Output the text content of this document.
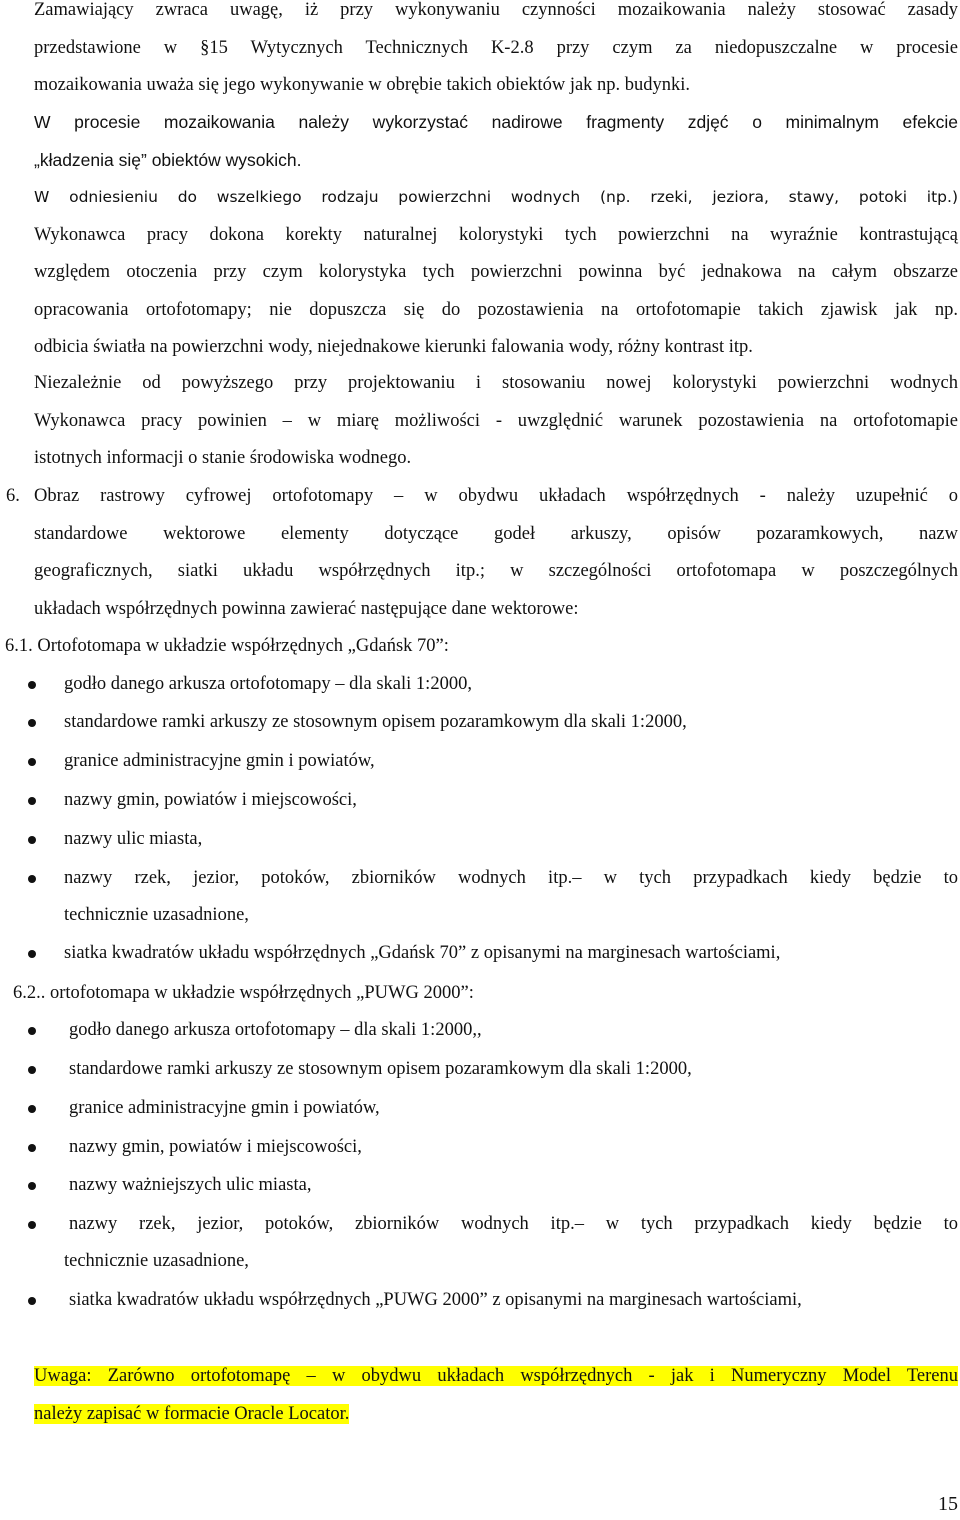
Zamawiający zwraca uwagę, iż przy wykonywaniu czynności mozaikowania należy stosować zasady
przedstawione w §15 Wytycznych Technicznych K-2.8 przy czym za niedopuszczalne w procesie
mozaikowania uważa się jego wykonywanie w obrębie takich obiektów jak np. budynki.
W procesie mozaikowania należy wykorzystać nadirowe fragmenty zdjęć o minimalnym efekcie
„kładzenia się” obiektów wysokich.
W odniesieniu do wszelkiego rodzaju powierzchni wodnych (np. rzeki, jeziora, stawy, potoki itp.)
Wykonawca pracy dokona korekty naturalnej kolorystyki tych powierzchni na wyraźnie kontrastującą
względem otoczenia przy czym kolorystyka tych powierzchni powinna być jednakowa na całym obszarze
opracowania ortofotomapy; nie dopuszcza się do pozostawienia na ortofotomapie takich zjawisk jak np.
odbicia światła na powierzchni wody, niejednakowe kierunki falowania wody, różny kontrast itp.
Niezależnie od powyższego przy projektowaniu i stosowaniu nowej kolorystyki powierzchni wodnych
Wykonawca pracy powinien – w miarę możliwości - uwzględnić warunek pozostawienia na ortofotomapie
istotnych informacji o stanie środowiska wodnego.
6. Obraz rastrowy cyfrowej ortofotomapy – w obydwu układach współrzędnych - należy uzupełnić o
standardowe wektorowe elementy dotyczące godeł arkuszy, opisów pozaramkowych, nazw
geograficznych, siatki układu współrzędnych itp.; w szczególności ortofotomapa w poszczególnych
układach współrzędnych powinna zawierać następujące dane wektorowe:

6.1. Ortofotomapa w układzie współrzędnych „Gdańsk 70”:

godło danego arkusza ortofotomapy – dla skali 1:2000,
standardowe ramki arkuszy ze stosownym opisem pozaramkowym dla skali 1:2000,
granice administracyjne gmin i powiatów,
nazwy gmin, powiatów i miejscowości,
nazwy ulic miasta,
nazwy rzek, jezior, potoków, zbiorników wodnych itp.– w tych przypadkach kiedy będzie to
technicznie uzasadnione,
siatka kwadratów układu współrzędnych „Gdańsk 70” z opisanymi na marginesach wartościami,

6.2.. ortofotomapa w układzie współrzędnych „PUWG 2000”:

godło danego arkusza ortofotomapy – dla skali 1:2000,,
standardowe ramki arkuszy ze stosownym opisem pozaramkowym dla skali 1:2000,
granice administracyjne gmin i powiatów,
nazwy gmin, powiatów i miejscowości,
nazwy ważniejszych ulic miasta,
nazwy rzek, jezior, potoków, zbiorników wodnych itp.– w tych przypadkach kiedy będzie to
technicznie uzasadnione,
siatka kwadratów układu współrzędnych „PUWG 2000” z opisanymi na marginesach wartościami,
Uwaga: Zarówno ortofotomapę – w obydwu układach współrzędnych - jak i Numeryczny Model Terenu
należy zapisać w formacie Oracle Locator.
15
